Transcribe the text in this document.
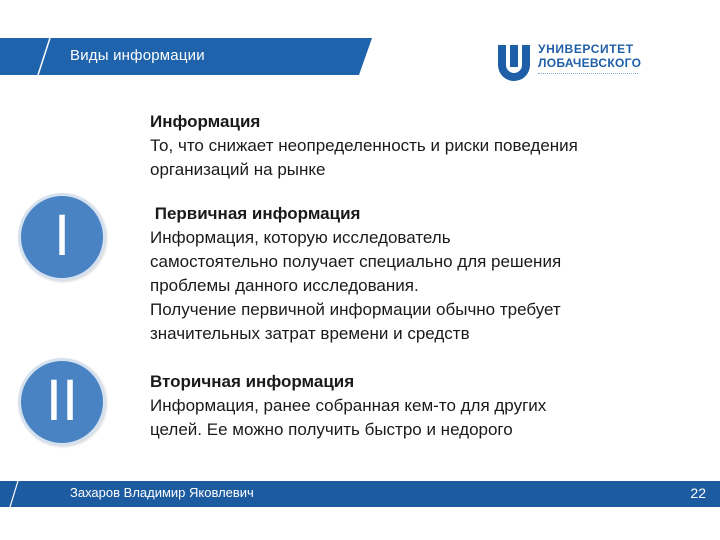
Виды информации	УНИВЕРСИТЕТ
ЛОБАЧЕВСКОГО

Информация

То, что снижает неопределенность и риски поведения

организаций на рынке

I	Первичная информация

Информация, которую исследователь

самостоятельно получает специально для решения

проблемы данного исследования.

Получение первичной информации обычно требует

значительных затрат времени и средств

II	Вторичная информация

Информация, ранее собранная кем-то для других

целей. Ее можно получить быстро и недорого

Захаров Владимир Яковлевич	22
